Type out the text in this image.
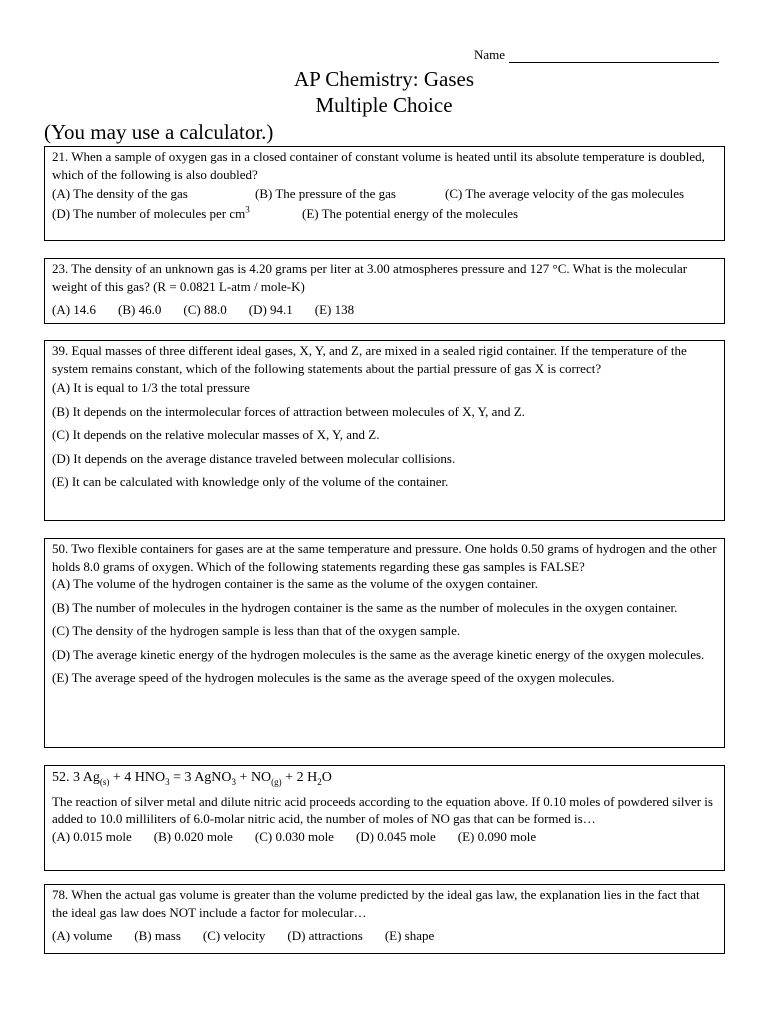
Name
AP Chemistry: Gases
Multiple Choice
(You may use a calculator.)

21. When a sample of oxygen gas in a closed container of constant volume is heated until its absolute temperature is doubled, which of the following is also doubled?

(A) The density of the gas	(B) The pressure of the gas	(C) The average velocity of the gas molecules

(D) The number of molecules per $cm^3$	(E) The potential energy of the molecules

23. The density of an unknown gas is 4.20 grams per liter at 3.00 atmospheres pressure and 127 °C. What is the molecular weight of this gas? (R = 0.0821 L-atm / mole-K)

(A) 14.6 (B) 46.0 (C) 88.0 (D) 94.1 (E) 138

39. Equal masses of three different ideal gases, X, Y, and Z, are mixed in a sealed rigid container. If the temperature of the system remains constant, which of the following statements about the partial pressure of gas X is correct?

(A) It is equal to 1/3 the total pressure

(B) It depends on the intermolecular forces of attraction between molecules of X, Y, and Z.

(C) It depends on the relative molecular masses of X, Y, and Z.

(D) It depends on the average distance traveled between molecular collisions.

(E) It can be calculated with knowledge only of the volume of the container.

50. Two flexible containers for gases are at the same temperature and pressure. One holds 0.50 grams of hydrogen and the other holds 8.0 grams of oxygen. Which of the following statements regarding these gas samples is FALSE?

(A) The volume of the hydrogen container is the same as the volume of the oxygen container.

(B) The number of molecules in the hydrogen container is the same as the number of molecules in the oxygen container.

(C) The density of the hydrogen sample is less than that of the oxygen sample.

(D) The average kinetic energy of the hydrogen molecules is the same as the average kinetic energy of the oxygen molecules.

(E) The average speed of the hydrogen molecules is the same as the average speed of the oxygen molecules.

52. 3 $Ag_{(s)} + 4$ $HNO_3 = 3$ AgNO$_3$ + $NO_{(g)} + 2$ $H_2O$

The reaction of silver metal and dilute nitric acid proceeds according to the equation above. If 0.10 moles of powdered silver is added to 10.0 milliliters of 6.0-molar nitric acid, the number of moles of NO gas that can be formed is…

(A) 0.015 mole (B) 0.020 mole (C) 0.030 mole (D) 0.045 mole (E) 0.090 mole

78. When the actual gas volume is greater than the volume predicted by the ideal gas law, the explanation lies in the fact that the ideal gas law does NOT include a factor for molecular…

(A) volume (B) mass (C) velocity (D) attractions (E) shape
